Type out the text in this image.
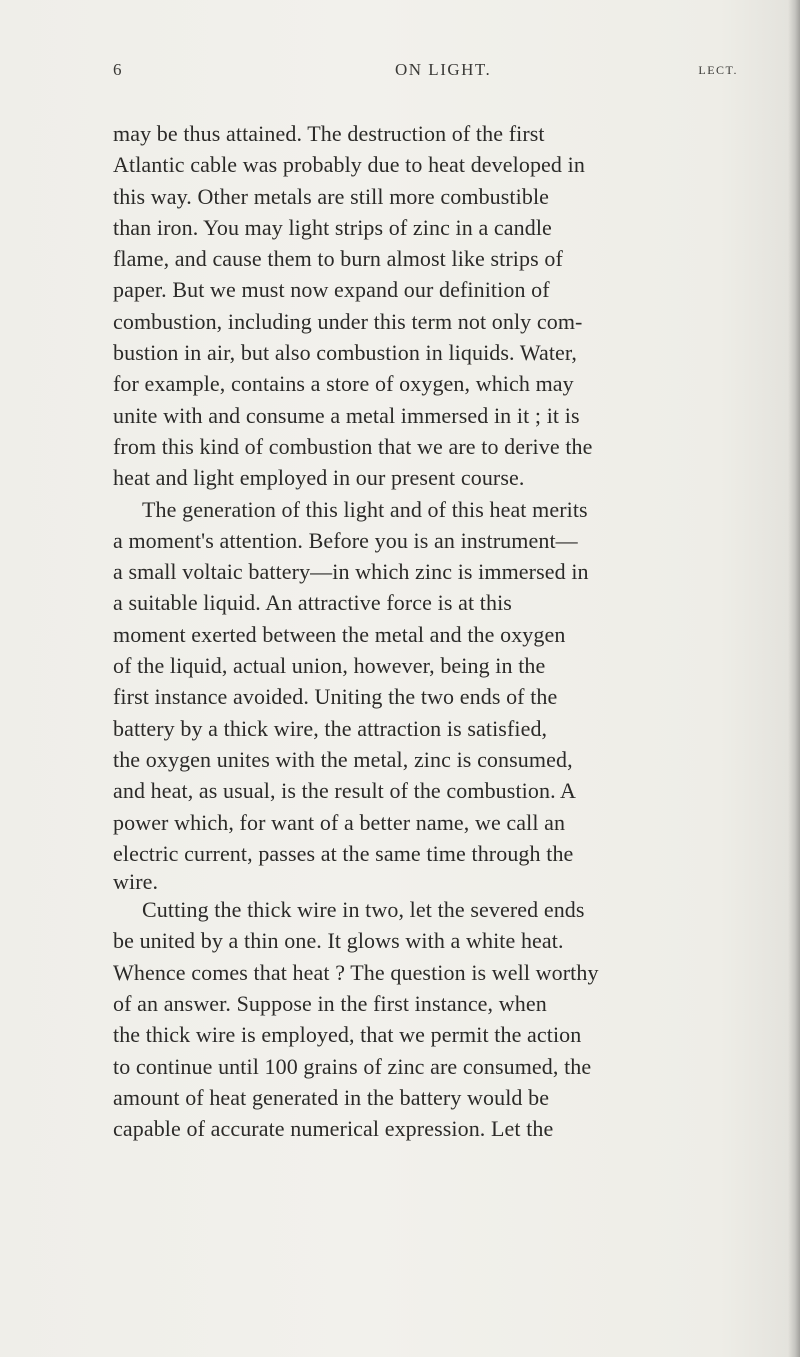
6	ON LIGHT.	LECT.
may be thus attained. The destruction of the first
Atlantic cable was probably due to heat developed in
this way. Other metals are still more combustible
than iron. You may light strips of zinc in a candle
flame, and cause them to burn almost like strips of
paper. But we must now expand our definition of
combustion, including under this term not only com-
bustion in air, but also combustion in liquids. Water,
for example, contains a store of oxygen, which may
unite with and consume a metal immersed in it ; it is
from this kind of combustion that we are to derive the
heat and light employed in our present course.
The generation of this light and of this heat merits
a moment's attention. Before you is an instrument—
a small voltaic battery—in which zinc is immersed in
a suitable liquid. An attractive force is at this
moment exerted between the metal and the oxygen
of the liquid, actual union, however, being in the
first instance avoided. Uniting the two ends of the
battery by a thick wire, the attraction is satisfied,
the oxygen unites with the metal, zinc is consumed,
and heat, as usual, is the result of the combustion. A
power which, for want of a better name, we call an
electric current, passes at the same time through the
wire.
Cutting the thick wire in two, let the severed ends
be united by a thin one. It glows with a white heat.
Whence comes that heat ? The question is well worthy
of an answer. Suppose in the first instance, when
the thick wire is employed, that we permit the action
to continue until 100 grains of zinc are consumed, the
amount of heat generated in the battery would be
capable of accurate numerical expression. Let the
